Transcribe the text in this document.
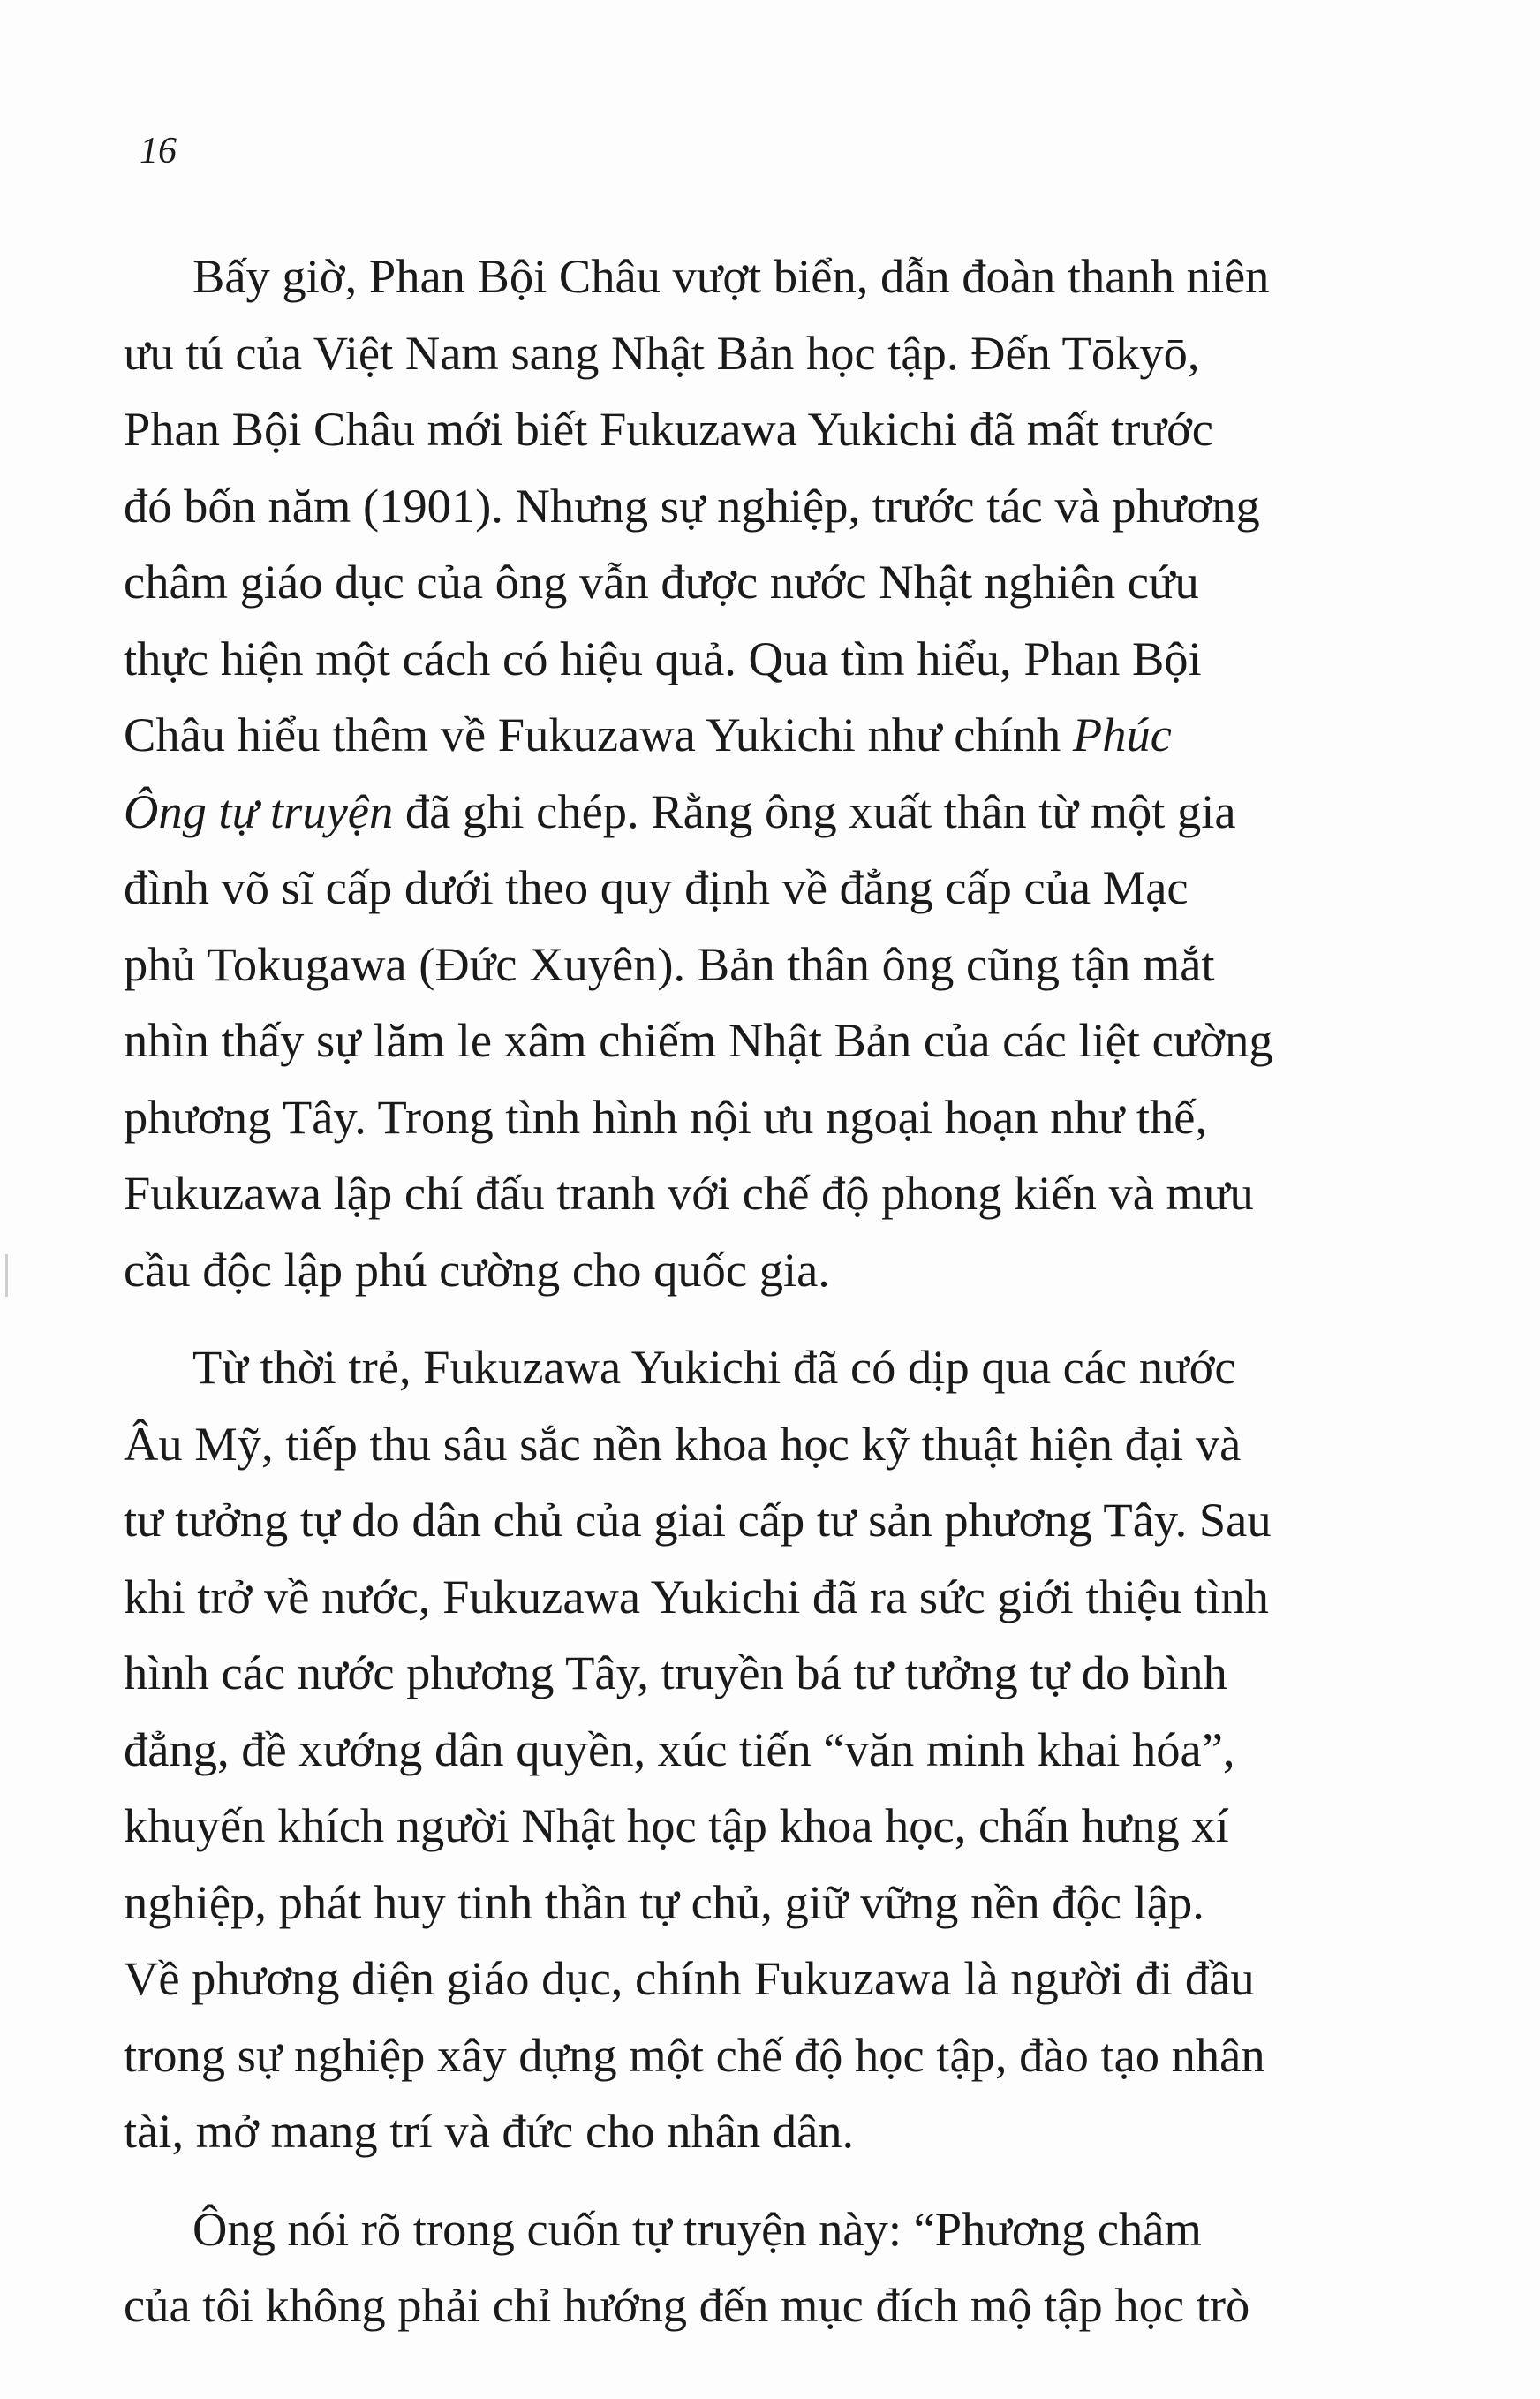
16

Bấy giờ, Phan Bội Châu vượt biển, dẫn đoàn thanh niên
ưu tú của Việt Nam sang Nhật Bản học tập. Đến Tōkyō,
Phan Bội Châu mới biết Fukuzawa Yukichi đã mất trước
đó bốn năm (1901). Nhưng sự nghiệp, trước tác và phương
châm giáo dục của ông vẫn được nước Nhật nghiên cứu
thực hiện một cách có hiệu quả. Qua tìm hiểu, Phan Bội
Châu hiểu thêm về Fukuzawa Yukichi như chính Phúc
Ông tự truyện đã ghi chép. Rằng ông xuất thân từ một gia
đình võ sĩ cấp dưới theo quy định về đẳng cấp của Mạc
phủ Tokugawa (Đức Xuyên). Bản thân ông cũng tận mắt
nhìn thấy sự lăm le xâm chiếm Nhật Bản của các liệt cường
phương Tây. Trong tình hình nội ưu ngoại hoạn như thế,
Fukuzawa lập chí đấu tranh với chế độ phong kiến và mưu
cầu độc lập phú cường cho quốc gia.

Từ thời trẻ, Fukuzawa Yukichi đã có dịp qua các nước
Âu Mỹ, tiếp thu sâu sắc nền khoa học kỹ thuật hiện đại và
tư tưởng tự do dân chủ của giai cấp tư sản phương Tây. Sau
khi trở về nước, Fukuzawa Yukichi đã ra sức giới thiệu tình
hình các nước phương Tây, truyền bá tư tưởng tự do bình
đẳng, đề xướng dân quyền, xúc tiến “văn minh khai hóa”,
khuyến khích người Nhật học tập khoa học, chấn hưng xí
nghiệp, phát huy tinh thần tự chủ, giữ vững nền độc lập.
Về phương diện giáo dục, chính Fukuzawa là người đi đầu
trong sự nghiệp xây dựng một chế độ học tập, đào tạo nhân
tài, mở mang trí và đức cho nhân dân.

Ông nói rõ trong cuốn tự truyện này: “Phương châm
của tôi không phải chỉ hướng đến mục đích mộ tập học trò
